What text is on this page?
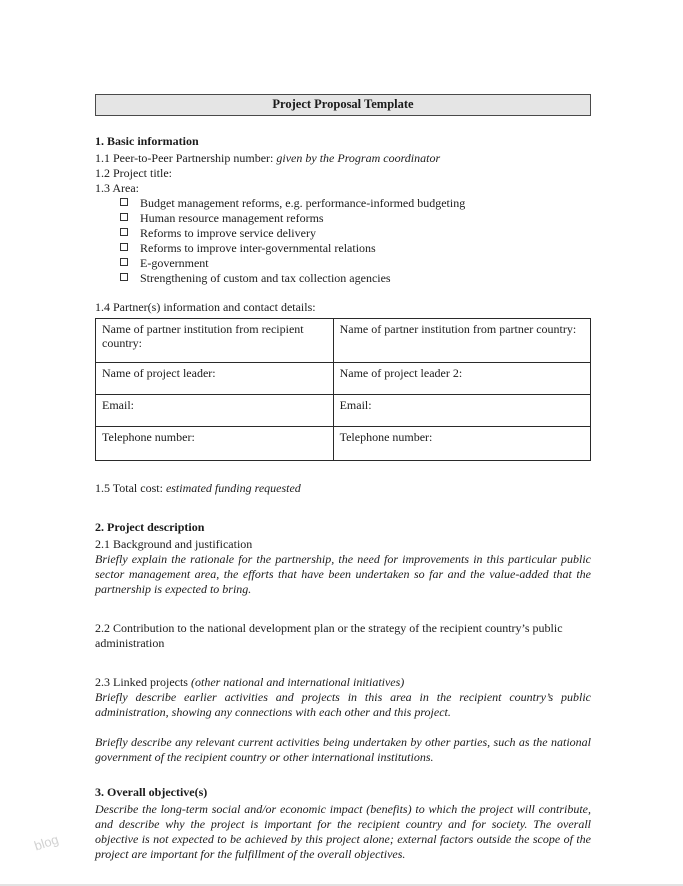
Project Proposal Template

1. Basic information

1.1 Peer-to-Peer Partnership number: given by the Program coordinator

1.2 Project title:

1.3 Area:

Budget management reforms, e.g. performance-informed budgeting
Human resource management reforms
Reforms to improve service delivery
Reforms to improve inter-governmental relations
E-government
Strengthening of custom and tax collection agencies

1.4 Partner(s) information and contact details:

Name of partner institution from recipient country:	Name of partner institution from partner country:
Name of project leader:	Name of project leader 2:
Email:	Email:
Telephone number:	Telephone number:

1.5 Total cost: estimated funding requested

2. Project description

2.1 Background and justification

Briefly explain the rationale for the partnership, the need for improvements in this particular public sector management area, the efforts that have been undertaken so far and the value-added that the partnership is expected to bring.

2.2 Contribution to the national development plan or the strategy of the recipient country’s public administration

2.3 Linked projects (other national and international initiatives)

Briefly describe earlier activities and projects in this area in the recipient country’s public administration, showing any connections with each other and this project.

Briefly describe any relevant current activities being undertaken by other parties, such as the national government of the recipient country or other international institutions.

3. Overall objective(s)

Describe the long-term social and/or economic impact (benefits) to which the project will contribute, and describe why the project is important for the recipient country and for society. The overall objective is not expected to be achieved by this project alone; external factors outside the scope of the project are important for the fulfillment of the overall objectives.

blog
